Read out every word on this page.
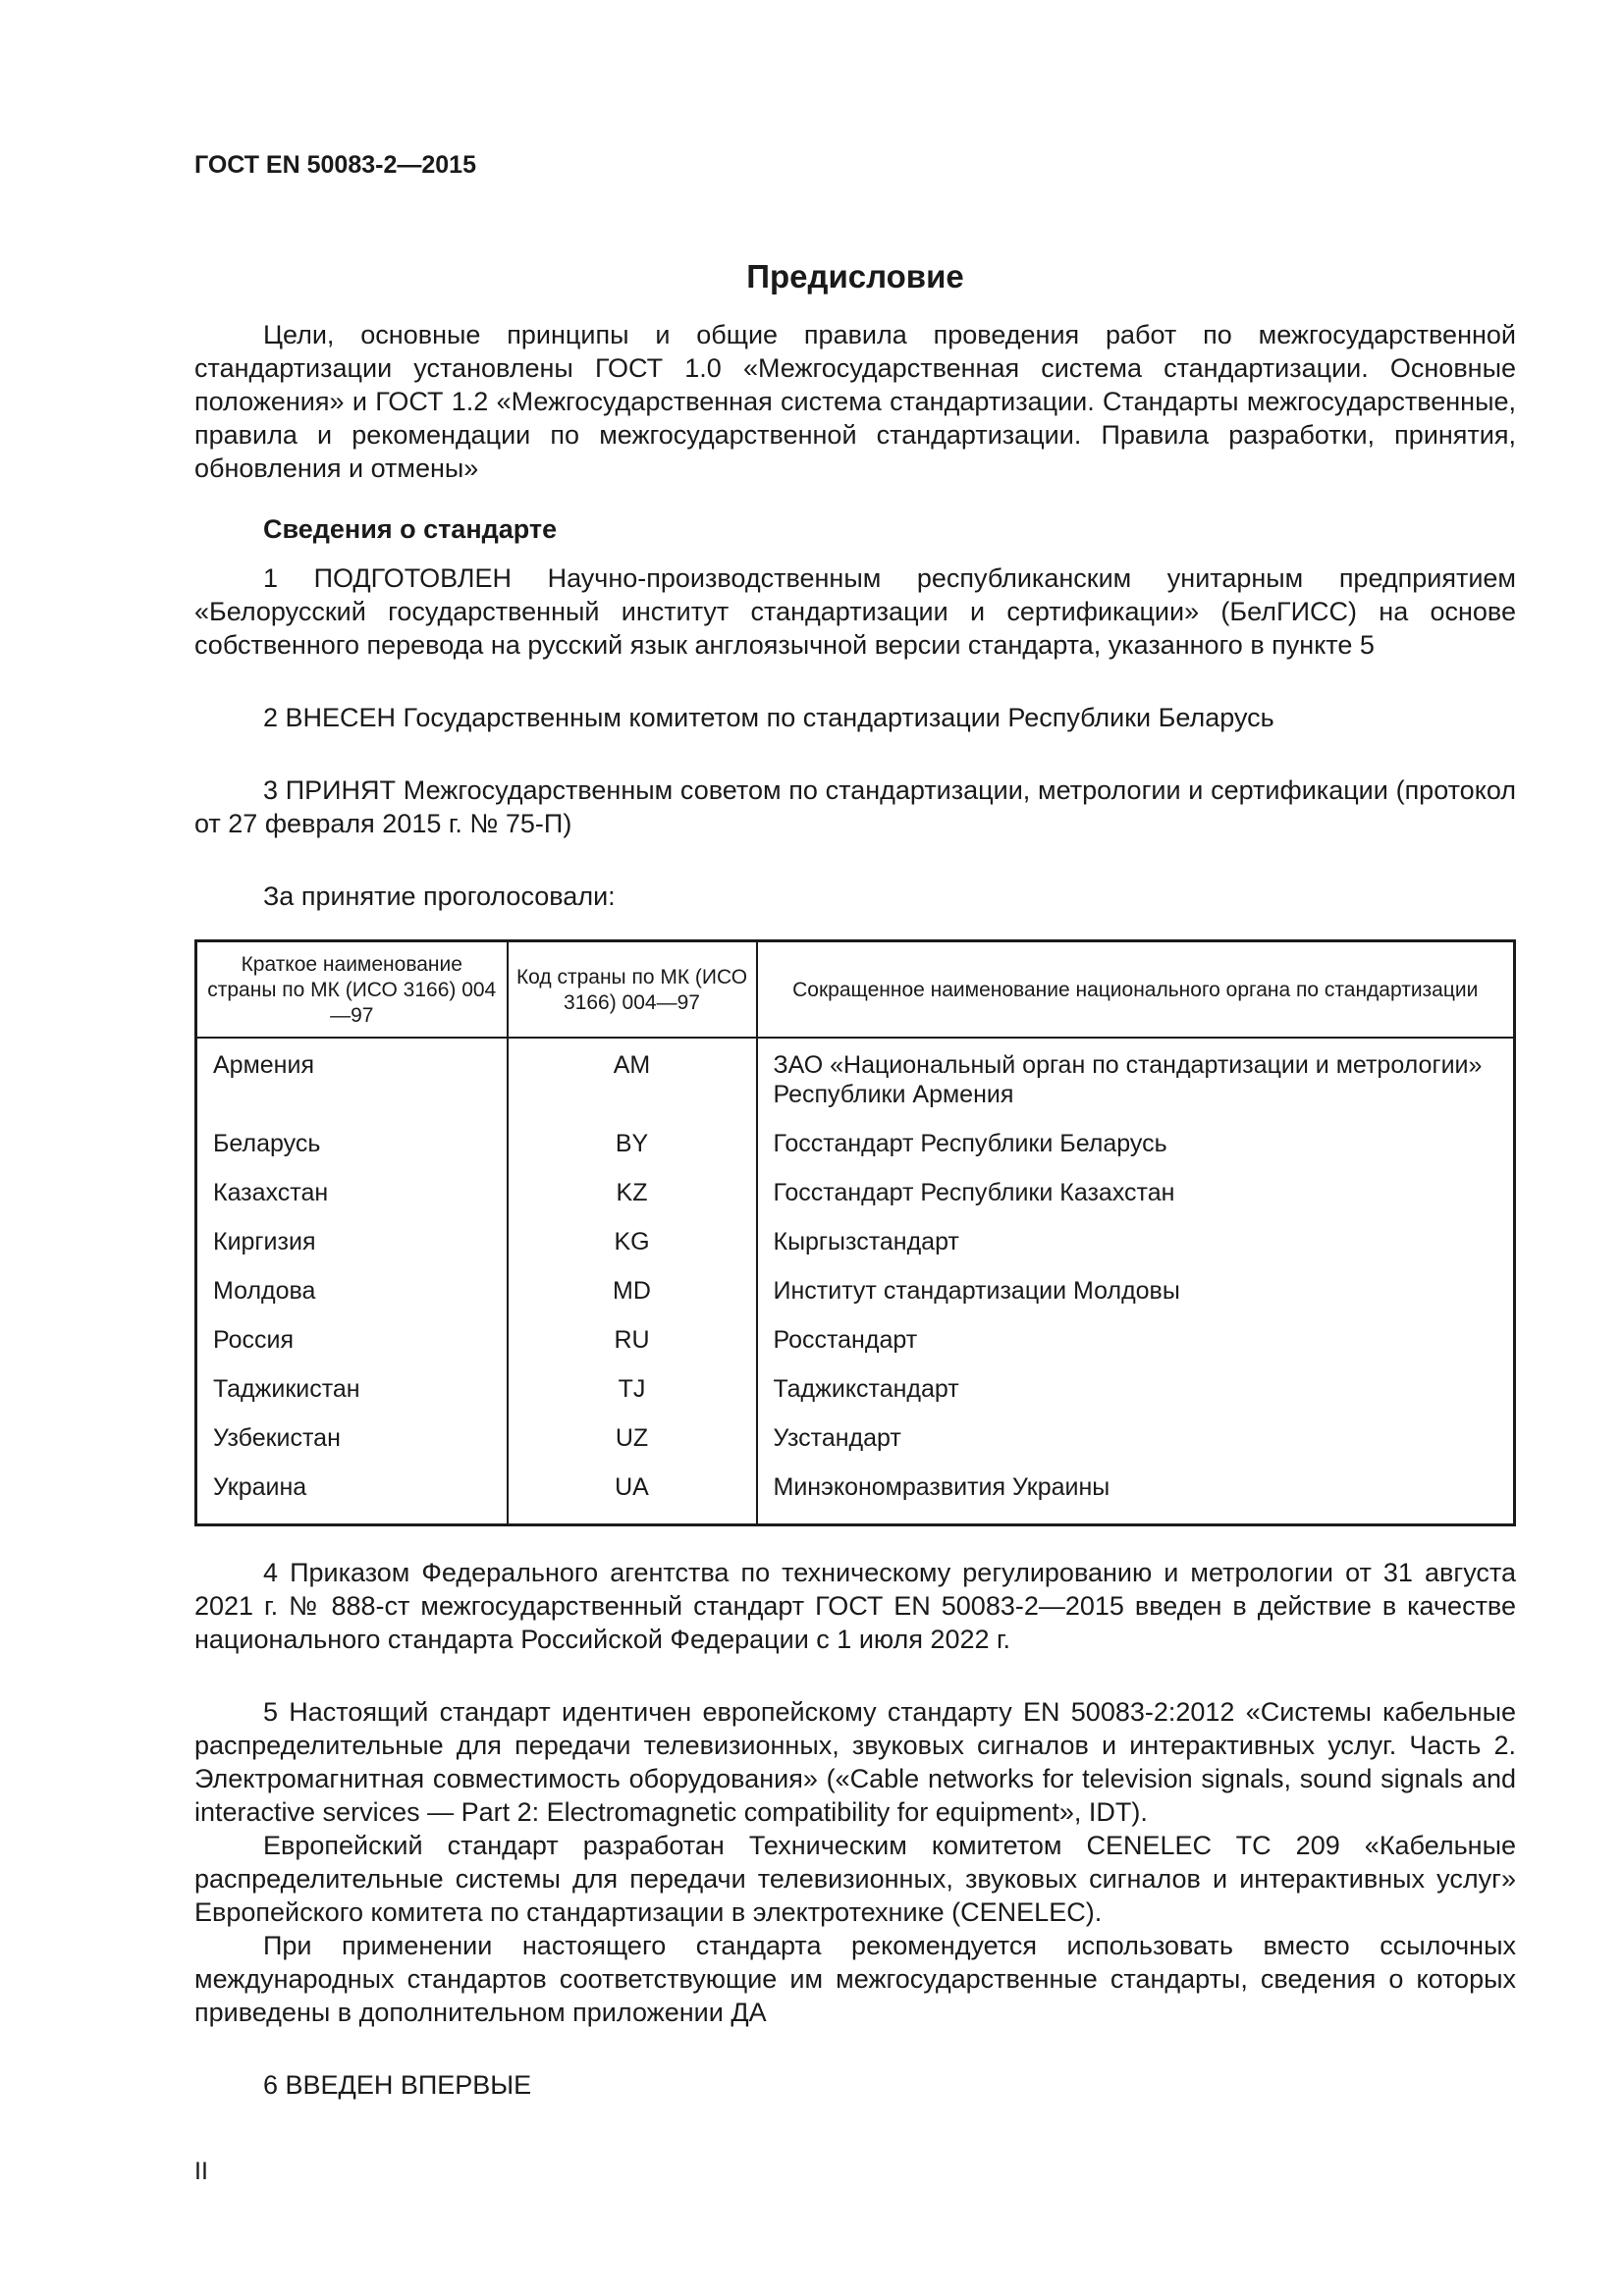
ГОСТ EN 50083-2—2015
Предисловие

Цели, основные принципы и общие правила проведения работ по межгосударственной стандартизации установлены ГОСТ 1.0 «Межгосударственная система стандартизации. Основные положения» и ГОСТ 1.2 «Межгосударственная система стандартизации. Стандарты межгосударственные, правила и рекомендации по межгосударственной стандартизации. Правила разработки, принятия, обновления и отмены»

Сведения о стандарте

1 ПОДГОТОВЛЕН Научно-производственным республиканским унитарным предприятием «Белорусский государственный институт стандартизации и сертификации» (БелГИСС) на основе собственного перевода на русский язык англоязычной версии стандарта, указанного в пункте 5

2 ВНЕСЕН Государственным комитетом по стандартизации Республики Беларусь

3 ПРИНЯТ Межгосударственным советом по стандартизации, метрологии и сертификации (протокол от 27 февраля 2015 г. № 75-П)

За принятие проголосовали:

Краткое наименование страны по МК (ИСО 3166) 004—97	Код страны по МК (ИСО 3166) 004—97	Сокращенное наименование национального органа по стандартизации
Армения	AM	ЗАО «Национальный орган по стандартизации и метрологии» Республики Армения
Беларусь	BY	Госстандарт Республики Беларусь
Казахстан	KZ	Госстандарт Республики Казахстан
Киргизия	KG	Кыргызстандарт
Молдова	MD	Институт стандартизации Молдовы
Россия	RU	Росстандарт
Таджикистан	TJ	Таджикстандарт
Узбекистан	UZ	Узстандарт
Украина	UA	Минэкономразвития Украины

4 Приказом Федерального агентства по техническому регулированию и метрологии от 31 августа 2021 г. № 888-ст межгосударственный стандарт ГОСТ EN 50083-2—2015 введен в действие в качестве национального стандарта Российской Федерации с 1 июля 2022 г.

5 Настоящий стандарт идентичен европейскому стандарту EN 50083-2:2012 «Системы кабельные распределительные для передачи телевизионных, звуковых сигналов и интерактивных услуг. Часть 2. Электромагнитная совместимость оборудования» («Cable networks for television signals, sound signals and interactive services — Part 2: Electromagnetic compatibility for equipment», IDT).

Европейский стандарт разработан Техническим комитетом CENELEC TC 209 «Кабельные распределительные системы для передачи телевизионных, звуковых сигналов и интерактивных услуг» Европейского комитета по стандартизации в электротехнике (CENELEC).

При применении настоящего стандарта рекомендуется использовать вместо ссылочных международных стандартов соответствующие им межгосударственные стандарты, сведения о которых приведены в дополнительном приложении ДА

6 ВВЕДЕН ВПЕРВЫЕ

II
